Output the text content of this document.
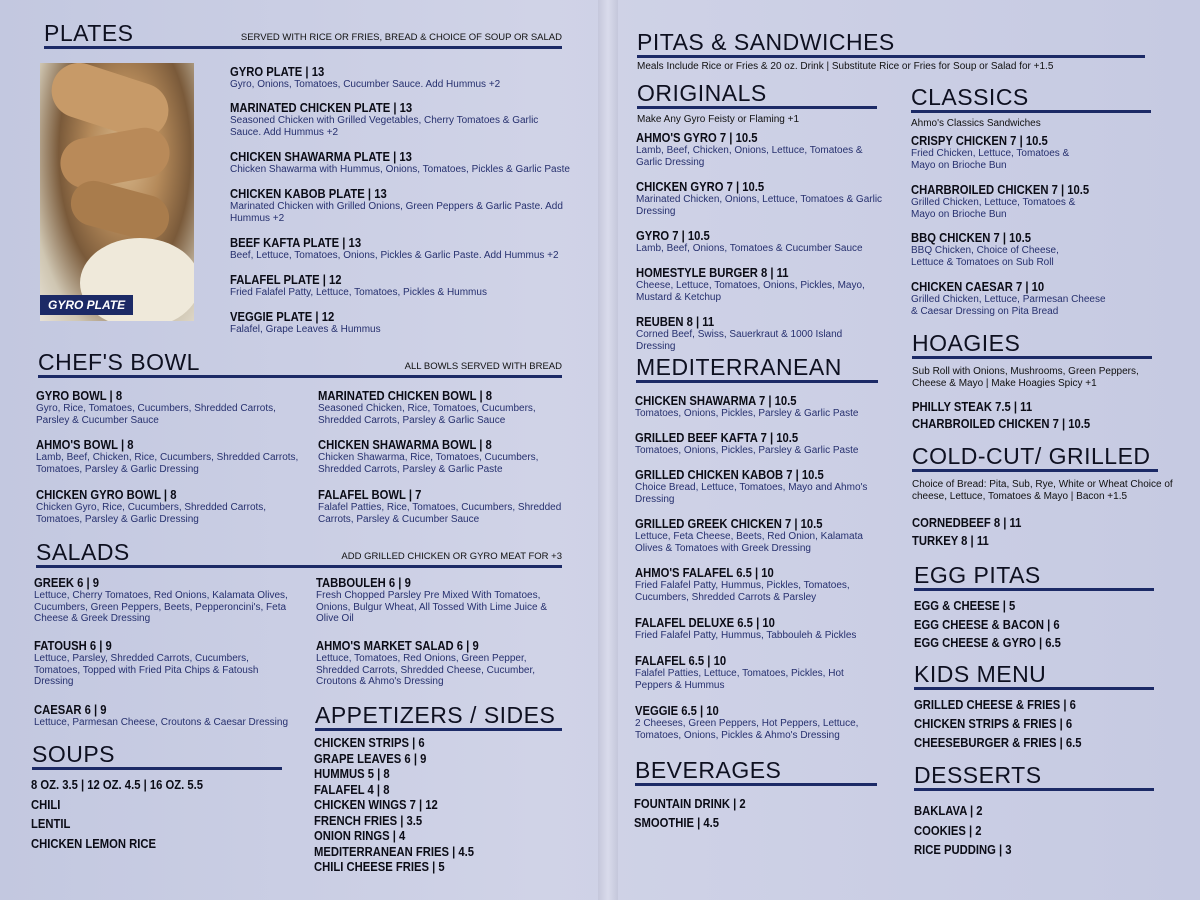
PLATES	SERVED WITH RICE OR FRIES, BREAD & CHOICE OF SOUP OR SALAD
GYRO PLATE
GYRO PLATE | 13
Gyro, Onions, Tomatoes, Cucumber Sauce. Add Hummus +2
MARINATED CHICKEN PLATE | 13
Seasoned Chicken with Grilled Vegetables, Cherry Tomatoes & Garlic Sauce. Add Hummus +2
CHICKEN SHAWARMA PLATE | 13
Chicken Shawarma with Hummus, Onions, Tomatoes, Pickles & Garlic Paste
CHICKEN KABOB PLATE | 13
Marinated Chicken with Grilled Onions, Green Peppers & Garlic Paste. Add Hummus +2
BEEF KAFTA PLATE | 13
Beef, Lettuce, Tomatoes, Onions, Pickles & Garlic Paste. Add Hummus +2
FALAFEL PLATE | 12
Fried Falafel Patty, Lettuce, Tomatoes, Pickles & Hummus
VEGGIE PLATE | 12
Falafel, Grape Leaves & Hummus
CHEF'S BOWL	ALL BOWLS SERVED WITH BREAD
GYRO BOWL | 8
Gyro, Rice, Tomatoes, Cucumbers, Shredded Carrots, Parsley & Cucumber Sauce
AHMO'S BOWL | 8
Lamb, Beef, Chicken, Rice, Cucumbers, Shredded Carrots, Tomatoes, Parsley & Garlic Dressing
CHICKEN GYRO BOWL | 8
Chicken Gyro, Rice, Cucumbers, Shredded Carrots, Tomatoes, Parsley & Garlic Dressing
MARINATED CHICKEN BOWL | 8
Seasoned Chicken, Rice, Tomatoes, Cucumbers, Shredded Carrots, Parsley & Garlic Sauce
CHICKEN SHAWARMA BOWL | 8
Chicken Shawarma, Rice, Tomatoes, Cucumbers, Shredded Carrots, Parsley & Garlic Paste
FALAFEL BOWL | 7
Falafel Patties, Rice, Tomatoes, Cucumbers, Shredded Carrots, Parsley & Cucumber Sauce
SALADS	ADD GRILLED CHICKEN OR GYRO MEAT FOR +3
GREEK 6 | 9
Lettuce, Cherry Tomatoes, Red Onions, Kalamata Olives, Cucumbers, Green Peppers, Beets, Pepperoncini's, Feta Cheese & Greek Dressing
FATOUSH 6 | 9
Lettuce, Parsley, Shredded Carrots, Cucumbers, Tomatoes, Topped with Fried Pita Chips & Fatoush Dressing
CAESAR 6 | 9
Lettuce, Parmesan Cheese, Croutons & Caesar Dressing
TABBOULEH 6 | 9
Fresh Chopped Parsley Pre Mixed With Tomatoes, Onions, Bulgur Wheat, All Tossed With Lime Juice & Olive Oil
AHMO'S MARKET SALAD 6 | 9
Lettuce, Tomatoes, Red Onions, Green Pepper, Shredded Carrots, Shredded Cheese, Cucumber, Croutons & Ahmo's Dressing
SOUPS
8 OZ. 3.5 | 12 OZ. 4.5 | 16 OZ. 5.5
CHILI
LENTIL
CHICKEN LEMON RICE
APPETIZERS / SIDES
CHICKEN STRIPS | 6
GRAPE LEAVES 6 | 9
HUMMUS 5 | 8
FALAFEL 4 | 8
CHICKEN WINGS 7 | 12
FRENCH FRIES | 3.5
ONION RINGS | 4
MEDITERRANEAN FRIES | 4.5
CHILI CHEESE FRIES | 5
PITAS & SANDWICHES
Meals Include Rice or Fries & 20 oz. Drink | Substitute Rice or Fries for Soup or Salad for +1.5
ORIGINALS
Make Any Gyro Feisty or Flaming +1
AHMO'S GYRO 7 | 10.5
Lamb, Beef, Chicken, Onions, Lettuce, Tomatoes & Garlic Dressing
CHICKEN GYRO 7 | 10.5
Marinated Chicken, Onions, Lettuce, Tomatoes & Garlic Dressing
GYRO 7 | 10.5
Lamb, Beef, Onions, Tomatoes & Cucumber Sauce
HOMESTYLE BURGER 8 | 11
Cheese, Lettuce, Tomatoes, Onions, Pickles, Mayo, Mustard & Ketchup
REUBEN 8 | 11
Corned Beef, Swiss, Sauerkraut & 1000 Island Dressing
MEDITERRANEAN
CHICKEN SHAWARMA 7 | 10.5
Tomatoes, Onions, Pickles, Parsley & Garlic Paste
GRILLED BEEF KAFTA 7 | 10.5
Tomatoes, Onions, Pickles, Parsley & Garlic Paste
GRILLED CHICKEN KABOB 7 | 10.5
Choice Bread, Lettuce, Tomatoes, Mayo and Ahmo's Dressing
GRILLED GREEK CHICKEN 7 | 10.5
Lettuce, Feta Cheese, Beets, Red Onion, Kalamata Olives & Tomatoes with Greek Dressing
AHMO'S FALAFEL 6.5 | 10
Fried Falafel Patty, Hummus, Pickles, Tomatoes, Cucumbers, Shredded Carrots & Parsley
FALAFEL DELUXE 6.5 | 10
Fried Falafel Patty, Hummus, Tabbouleh & Pickles
FALAFEL 6.5 | 10
Falafel Patties, Lettuce, Tomatoes, Pickles, Hot Peppers & Hummus
VEGGIE 6.5 | 10
2 Cheeses, Green Peppers, Hot Peppers, Lettuce, Tomatoes, Onions, Pickles & Ahmo's Dressing
BEVERAGES
FOUNTAIN DRINK | 2
SMOOTHIE | 4.5
CLASSICS
Ahmo's Classics Sandwiches
CRISPY CHICKEN 7 | 10.5
Fried Chicken, Lettuce, Tomatoes & Mayo on Brioche Bun
CHARBROILED CHICKEN 7 | 10.5
Grilled Chicken, Lettuce, Tomatoes & Mayo on Brioche Bun
BBQ CHICKEN 7 | 10.5
BBQ Chicken, Choice of Cheese, Lettuce & Tomatoes on Sub Roll
CHICKEN CAESAR 7 | 10
Grilled Chicken, Lettuce, Parmesan Cheese & Caesar Dressing on Pita Bread
HOAGIES
Sub Roll with Onions, Mushrooms, Green Peppers, Cheese & Mayo | Make Hoagies Spicy +1
PHILLY STEAK 7.5 | 11
CHARBROILED CHICKEN 7 | 10.5
COLD-CUT/ GRILLED
Choice of Bread: Pita, Sub, Rye, White or Wheat Choice of cheese, Lettuce, Tomatoes & Mayo | Bacon +1.5
CORNEDBEEF 8 | 11
TURKEY 8 | 11
EGG PITAS
EGG & CHEESE | 5
EGG CHEESE & BACON | 6
EGG CHEESE & GYRO | 6.5
KIDS MENU
GRILLED CHEESE & FRIES | 6
CHICKEN STRIPS & FRIES | 6
CHEESEBURGER & FRIES | 6.5
DESSERTS
BAKLAVA | 2
COOKIES | 2
RICE PUDDING | 3
